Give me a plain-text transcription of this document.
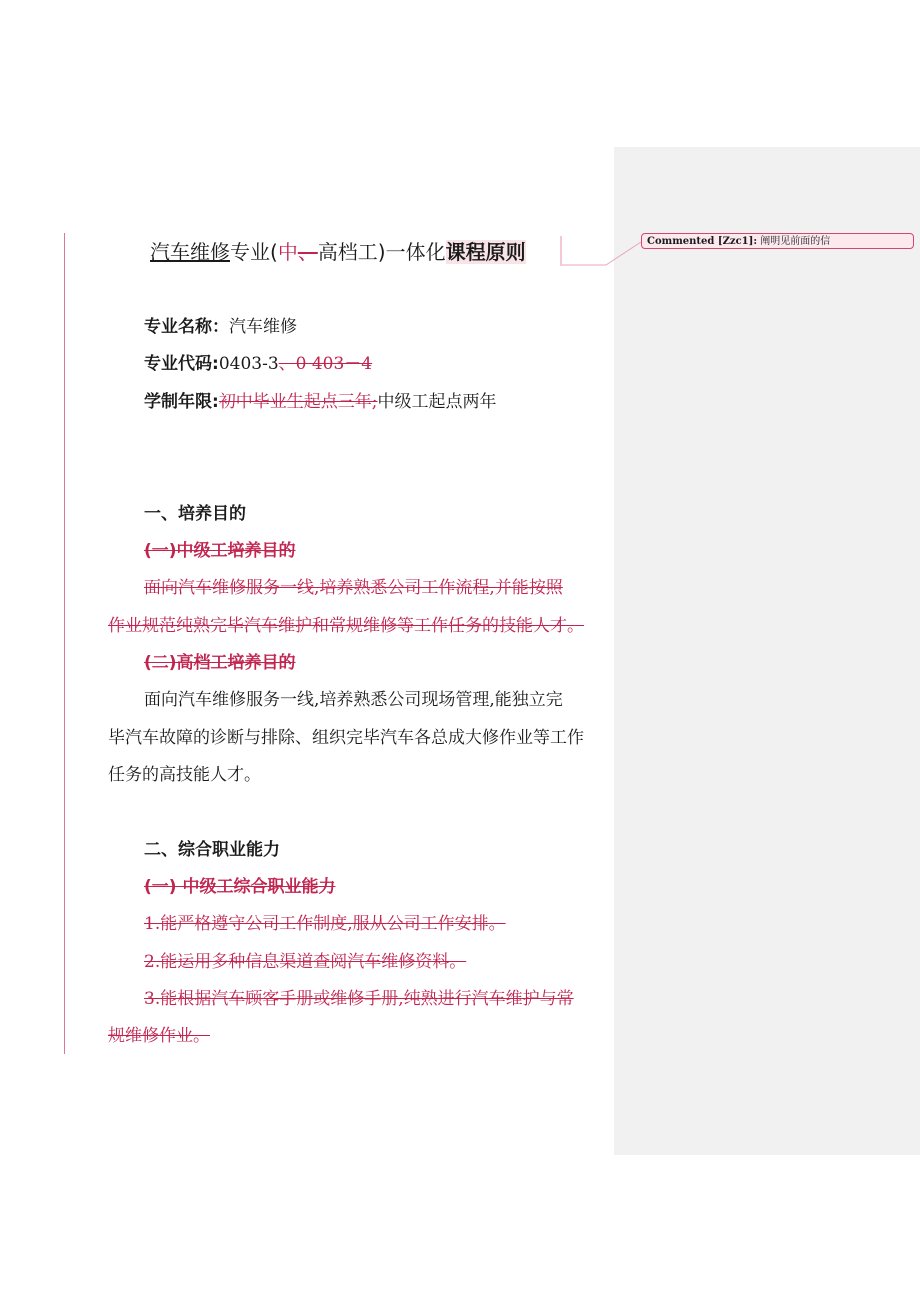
汽车维修专业(中、高档工)一体化课程原则	Commented [Zzc1]: 阐明见前面的信
专业名称：汽车维修
专业代码:0403-3、0 403－4
学制年限:初中毕业生起点三年;中级工起点两年
一、培养目的
(一)中级工培养目的
面向汽车维修服务一线,培养熟悉公司工作流程,并能按照
作业规范纯熟完毕汽车维护和常规维修等工作任务的技能人才。
(二)高档工培养目的
面向汽车维修服务一线,培养熟悉公司现场管理,能独立完
毕汽车故障的诊断与排除、组织完毕汽车各总成大修作业等工作
任务的高技能人才。
二、综合职业能力
(一) 中级工综合职业能力
1.能严格遵守公司工作制度,服从公司工作安排。
2.能运用多种信息渠道查阅汽车维修资料。
3.能根据汽车顾客手册或维修手册,纯熟进行汽车维护与常
规维修作业。
